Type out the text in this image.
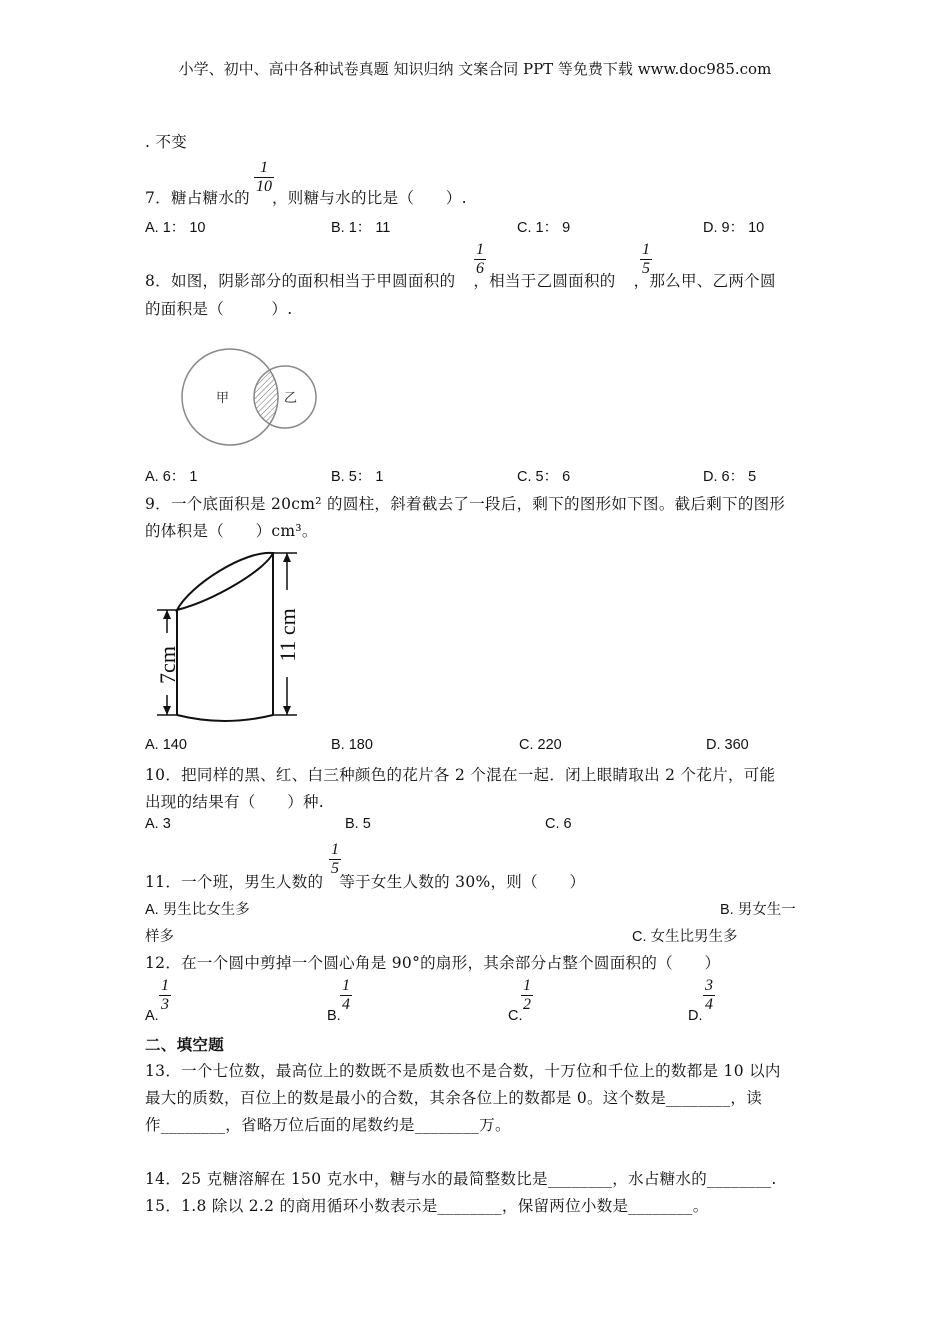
小学、初中、高中各种试卷真题 知识归纳 文案合同 PPT 等免费下载 www.doc985.com
. 不变
7．糖占糖水的 ，则糖与水的比是（　　）.
1
10
A. 1： 10	B. 1： 11	C. 1： 9	D. 9： 10
8．如图，阴影部分的面积相当于甲圆面积的 ，相当于乙圆面积的 ，那么甲、乙两个圆
1
6
1
5
的面积是（　　　）.
甲	乙
A. 6： 1	B. 5： 1	C. 5： 6	D. 6： 5
9．一个底面积是 20cm² 的圆柱，斜着截去了一段后，剩下的图形如下图。截后剩下的图形
的体积是（　　）cm³。
7cm
11 cm
A. 140	B. 180	C. 220	D. 360
10．把同样的黑、红、白三种颜色的花片各 2 个混在一起．闭上眼睛取出 2 个花片，可能
出现的结果有（　　）种.
A. 3	B. 5	C. 6
11．一个班，男生人数的 等于女生人数的 30%，则（　　）
1
5
A. 男生比女生多	B. 男女生一
样多	C. 女生比男生多
12．在一个圆中剪掉一个圆心角是 90°的扇形，其余部分占整个圆面积的（　　）
A.
1
3
B.
1
4
C.
1
2
D.
3
4
二、填空题
13．一个七位数，最高位上的数既不是质数也不是合数，十万位和千位上的数都是 10 以内
最大的质数，百位上的数是最小的合数，其余各位上的数都是 0。这个数是________，读
作________，省略万位后面的尾数约是________万。
14．25 克糖溶解在 150 克水中，糖与水的最简整数比是________，水占糖水的________.
15．1.8 除以 2.2 的商用循环小数表示是________，保留两位小数是________。
